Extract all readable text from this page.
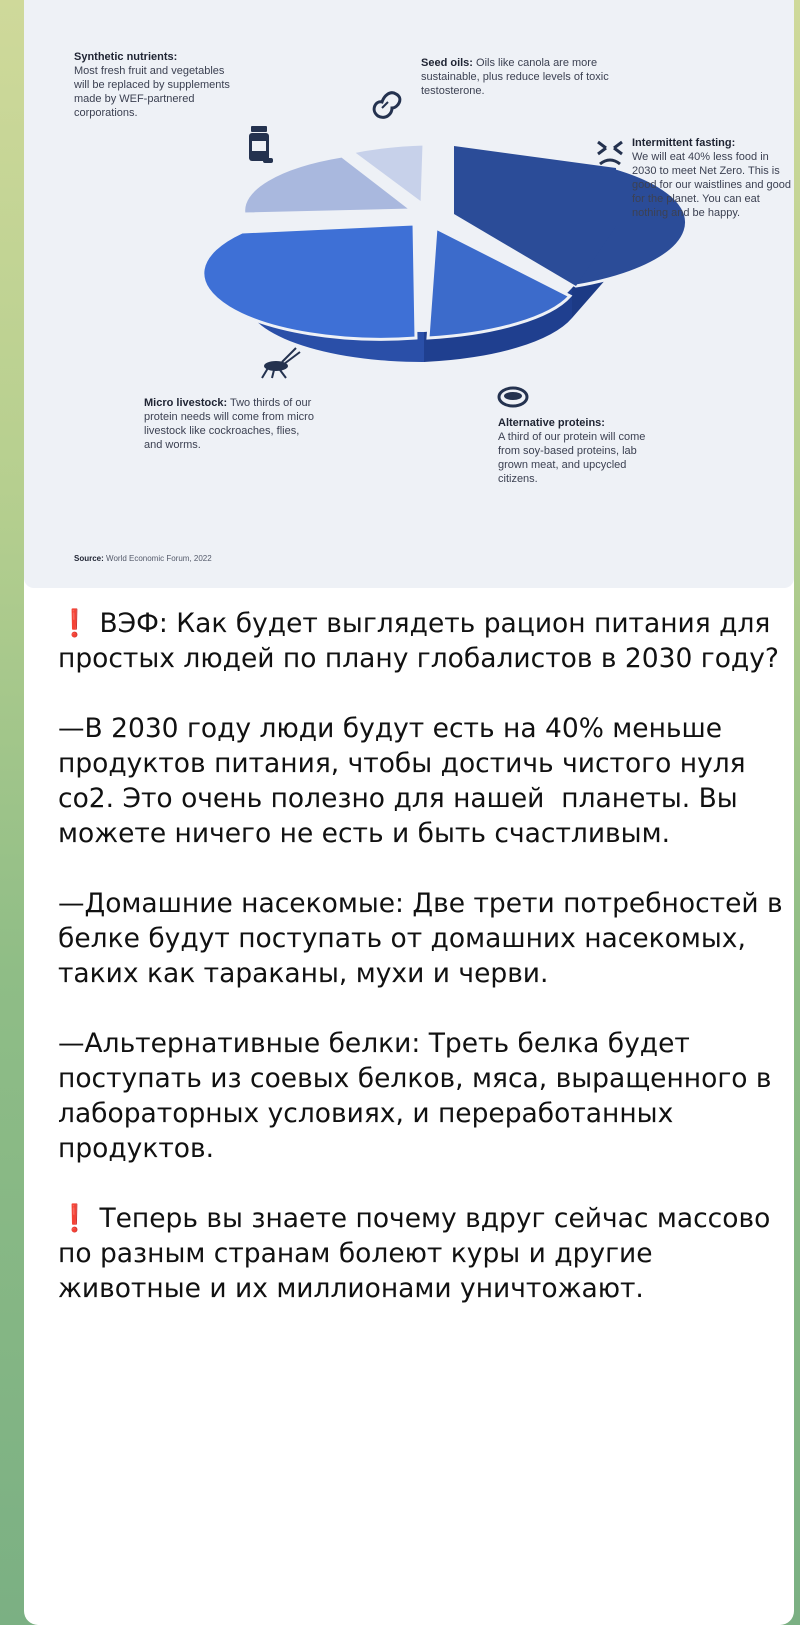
Synthetic nutrients:
Most fresh fruit and vegetables will be replaced by supplements made by WEF-partnered corporations.
Seed oils: Oils like canola are more sustainable, plus reduce levels of toxic testosterone.
Intermittent fasting:
We will eat 40% less food in 2030 to meet Net Zero. This is good for our waistlines and good for the planet. You can eat nothing and be happy.
Micro livestock: Two thirds of our protein needs will come from micro livestock like cockroaches, flies, and worms.
Alternative proteins:
A third of our protein will come from soy-based proteins, lab grown meat, and upcycled citizens.
Source: World Economic Forum, 2022

❗ ВЭФ: Как будет выглядеть рацион питания для простых людей по плану глобалистов в 2030 году?

—В 2030 году люди будут есть на 40% меньше продуктов питания, чтобы достичь чистого нуля со2. Это очень полезно для нашей  планеты. Вы можете ничего не есть и быть счастливым.

—Домашние насекомые: Две трети потребностей в белке будут поступать от домашних насекомых, таких как тараканы, мухи и черви.

—Альтернативные белки: Треть белка будет поступать из соевых белков, мяса, выращенного в лабораторных условиях, и переработанных продуктов.

❗ Теперь вы знаете почему вдруг сейчас массово по разным странам болеют куры и другие животные и их миллионами уничтожают.
